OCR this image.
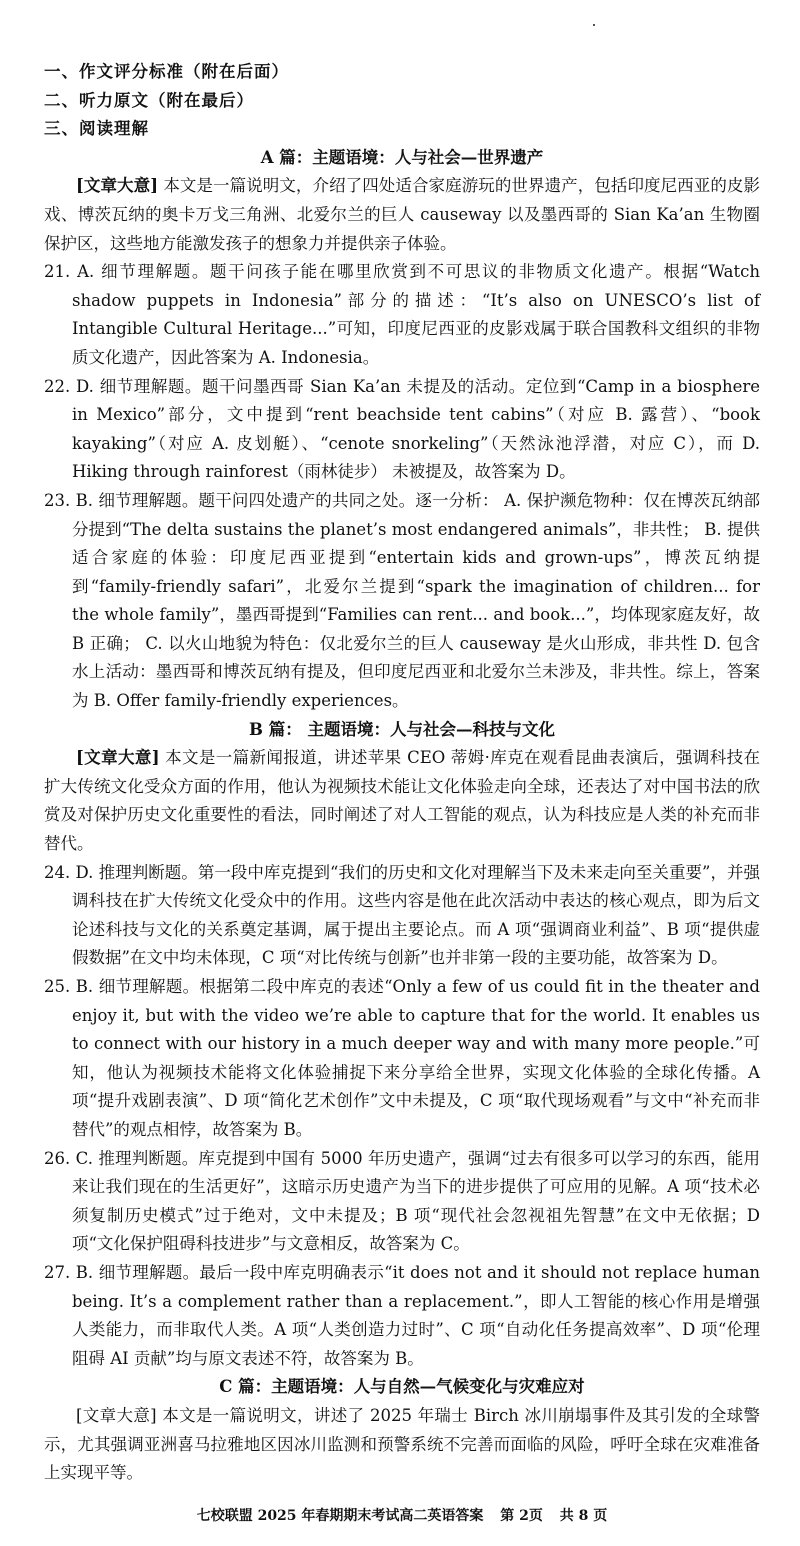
一、作文评分标准（附在后面）
二、听力原文（附在最后）
三、阅读理解
A 篇：主题语境：人与社会—世界遗产
[文章大意] 本文是一篇说明文，介绍了四处适合家庭游玩的世界遗产，包括印度尼西亚的皮影戏、博茨瓦纳的奥卡万戈三角洲、北爱尔兰的巨人 causeway 以及墨西哥的 Sian Ka’an 生物圈保护区，这些地方能激发孩子的想象力并提供亲子体验。
21. A. 细节理解题。题干问孩子能在哪里欣赏到不可思议的非物质文化遗产。根据“Watch shadow puppets in Indonesia”部分的描述：“It’s also on UNESCO’s list of Intangible Cultural Heritage...”可知，印度尼西亚的皮影戏属于联合国教科文组织的非物质文化遗产，因此答案为 A. Indonesia。
22. D. 细节理解题。题干问墨西哥 Sian Ka’an 未提及的活动。定位到“Camp in a biosphere in Mexico”部分，文中提到“rent beachside tent cabins”（对应 B. 露营）、“book kayaking”（对应 A. 皮划艇）、“cenote snorkeling”（天然泳池浮潜，对应 C），而 D. Hiking through rainforest（雨林徒步） 未被提及，故答案为 D。
23. B. 细节理解题。题干问四处遗产的共同之处。逐一分析： A. 保护濒危物种：仅在博茨瓦纳部分提到“The delta sustains the planet’s most endangered animals”，非共性； B. 提供适合家庭的体验：印度尼西亚提到“entertain kids and grown-ups”，博茨瓦纳提到“family-friendly safari”，北爱尔兰提到“spark the imagination of children... for the whole family”，墨西哥提到“Families can rent... and book...”，均体现家庭友好，故 B 正确； C. 以火山地貌为特色：仅北爱尔兰的巨人 causeway 是火山形成，非共性 D. 包含水上活动：墨西哥和博茨瓦纳有提及，但印度尼西亚和北爱尔兰未涉及，非共性。综上，答案为 B. Offer family-friendly experiences。
B 篇： 主题语境：人与社会—科技与文化
[文章大意] 本文是一篇新闻报道，讲述苹果 CEO 蒂姆·库克在观看昆曲表演后，强调科技在扩大传统文化受众方面的作用，他认为视频技术能让文化体验走向全球，还表达了对中国书法的欣赏及对保护历史文化重要性的看法，同时阐述了对人工智能的观点，认为科技应是人类的补充而非替代。
24. D. 推理判断题。第一段中库克提到“我们的历史和文化对理解当下及未来走向至关重要”，并强调科技在扩大传统文化受众中的作用。这些内容是他在此次活动中表达的核心观点，即为后文论述科技与文化的关系奠定基调，属于提出主要论点。而 A 项“强调商业利益”、B 项“提供虚假数据”在文中均未体现，C 项“对比传统与创新”也并非第一段的主要功能，故答案为 D。
25. B. 细节理解题。根据第二段中库克的表述“Only a few of us could fit in the theater and enjoy it, but with the video we’re able to capture that for the world. It enables us to connect with our history in a much deeper way and with many more people.”可知，他认为视频技术能将文化体验捕捉下来分享给全世界，实现文化体验的全球化传播。A 项“提升戏剧表演”、D 项“简化艺术创作”文中未提及，C 项“取代现场观看”与文中“补充而非替代”的观点相悖，故答案为 B。
26. C. 推理判断题。库克提到中国有 5000 年历史遗产，强调“过去有很多可以学习的东西，能用来让我们现在的生活更好”，这暗示历史遗产为当下的进步提供了可应用的见解。A 项“技术必须复制历史模式”过于绝对，文中未提及；B 项“现代社会忽视祖先智慧”在文中无依据；D 项“文化保护阻碍科技进步”与文意相反，故答案为 C。
27. B. 细节理解题。最后一段中库克明确表示“it does not and it should not replace human being. It’s a complement rather than a replacement.”，即人工智能的核心作用是增强人类能力，而非取代人类。A 项“人类创造力过时”、C 项“自动化任务提高效率”、D 项“伦理阻碍 AI 贡献”均与原文表述不符，故答案为 B。
C 篇：主题语境：人与自然—气候变化与灾难应对
[文章大意] 本文是一篇说明文，讲述了 2025 年瑞士 Birch 冰川崩塌事件及其引发的全球警示，尤其强调亚洲喜马拉雅地区因冰川监测和预警系统不完善而面临的风险，呼吁全球在灾难准备上实现平等。
七校联盟 2025 年春期期末考试高二英语答案 第 2页 共 8 页
